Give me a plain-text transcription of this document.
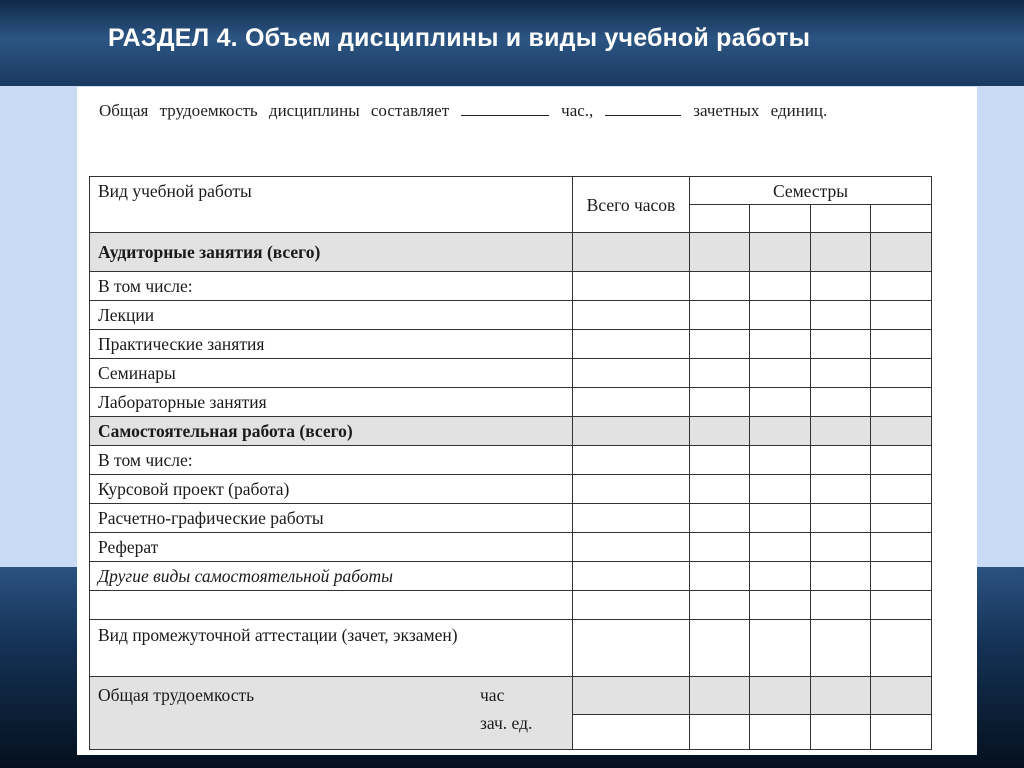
РАЗДЕЛ 4. Объем дисциплины и виды учебной работы
Общая трудоемкость дисциплины составляет	час.,	зачетных единиц.
Вид учебной работы	Всего часов	Семестры			

Аудиторные занятия (всего)					
В том числе:					
Лекции					
Практические занятия					
Семинары					
Лабораторные занятия					
Самостоятельная работа (всего)					
В том числе:					
Курсовой проект (работа)					
Расчетно-графические работы					
Реферат					
Другие виды самостоятельной работы					

Вид промежуточной аттестации (зачет, экзамен)					

Общая трудоемкость час
зач. ед.					
